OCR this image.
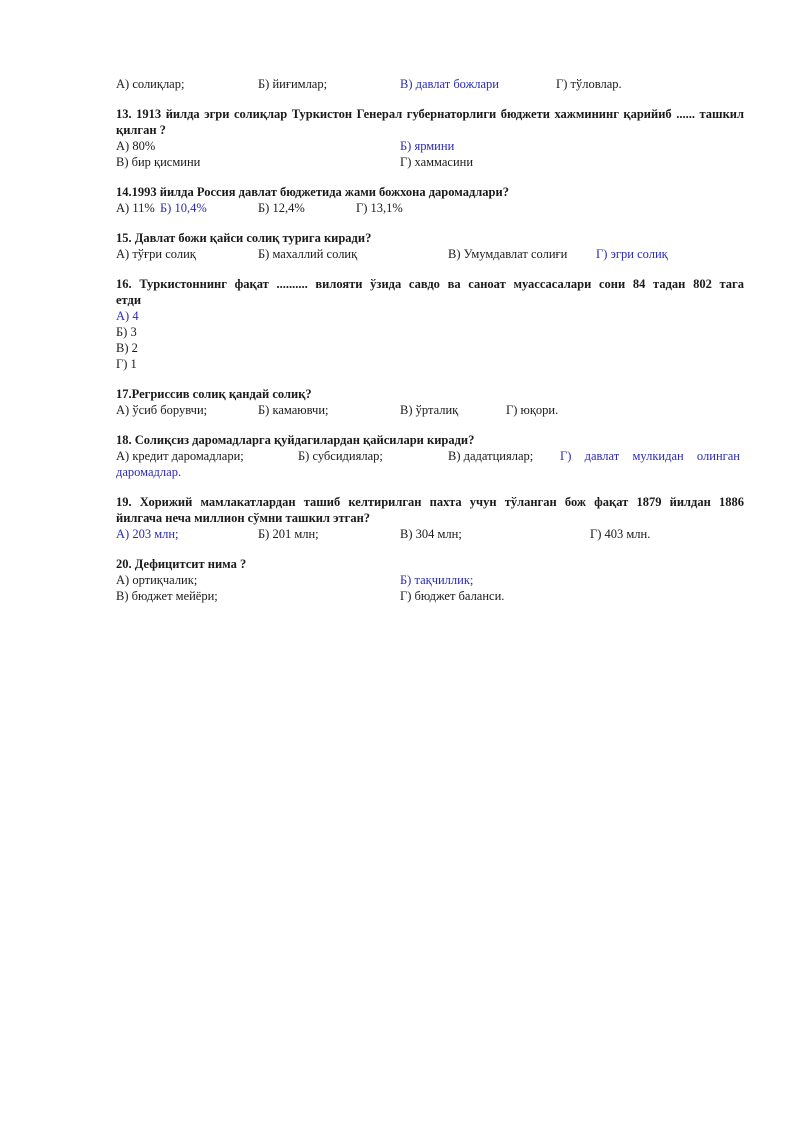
А) солиқлар;	Б) йиғимлар;	В) давлат божлари	Г) тўловлар.
13. 1913 йилда эгри солиқлар Туркистон Генерал губернаторлиги бюджети хажмининг қарийиб ...... ташкил қилган ?
А) 80%	Б) ярмини
В) бир қисмини	Г) хаммасини
14.1993 йилда Россия давлат бюджетида жами божхона даромадлари?
А) 11% Б) 10,4%	Б) 12,4%	Г) 13,1%
15. Давлат божи қайси солиқ турига киради?
А) тўғри солиқ	Б) махаллий солиқ	В) Умумдавлат солиғи Г) эгри солиқ
16. Туркистоннинг фақат .......... вилояти ўзида савдо ва саноат муассасалари сони 84 тадан 802 тага
етди
А) 4
Б) 3
В) 2
Г) 1
17.Регриссив солиқ қандай солиқ?
А) ўсиб борувчи;	Б) камаювчи;	В) ўрталиқ	Г) юқори.
18. Солиқсиз даромадларга қуйдагилардан қайсилари киради?
А) кредит даромадлари;	Б) субсидиялар;	В) дадатциялар; Г) давлат мулкидан олинган
даромадлар.
19. Хорижий мамлакатлардан ташиб келтирилган пахта учун тўланган бож фақат 1879 йилдан 1886
йилгача неча миллион сўмни ташкил этган?
А) 203 млн;	Б) 201 млн;	В) 304 млн;	Г) 403 млн.
20. Дефицитсит нима ?
А) ортиқчалик;	Б) тақчиллик;
В) бюджет мейёри;	Г) бюджет баланси.
